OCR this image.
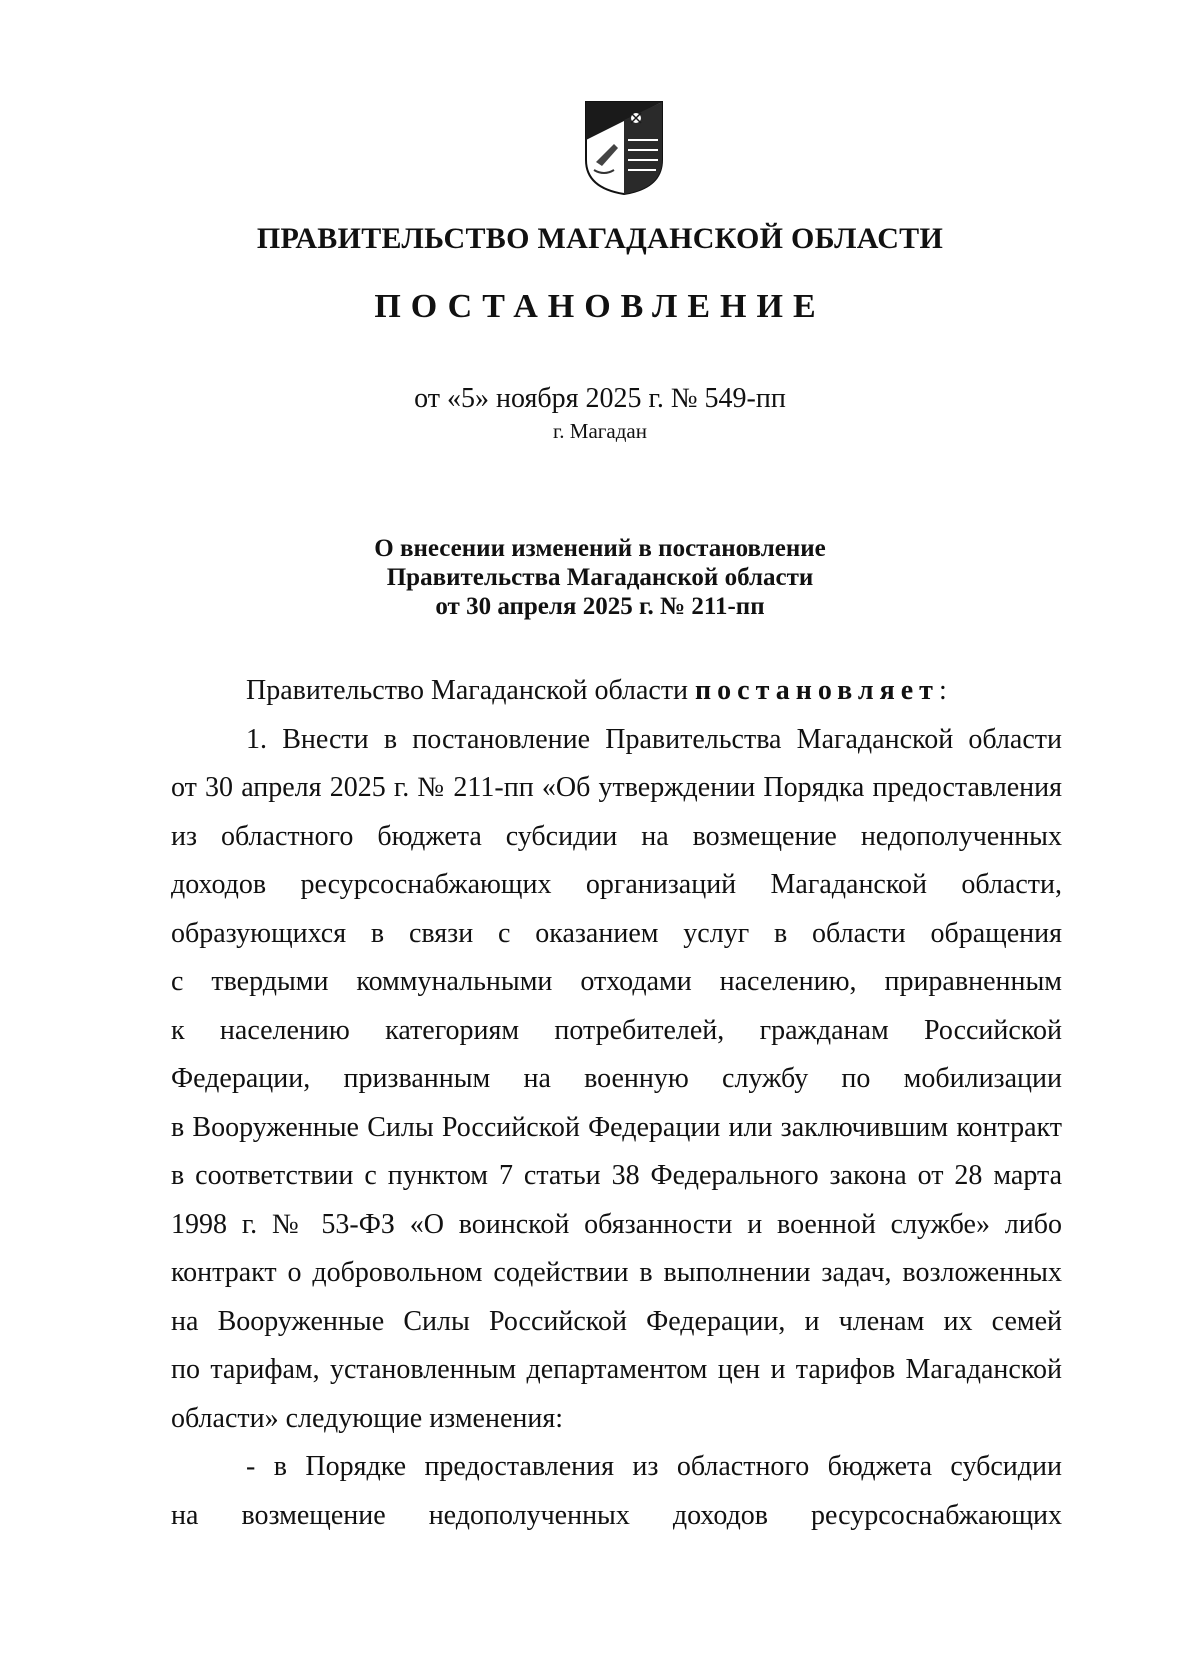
ПРАВИТЕЛЬСТВО МАГАДАНСКОЙ ОБЛАСТИ
ПОСТАНОВЛЕНИЕ
от «5» ноября 2025 г. № 549-пп
г. Магадан
О внесении изменений в постановление
Правительства Магаданской области
от 30 апреля 2025 г. № 211-пп
Правительство Магаданской области постановляет:
1. Внести в постановление Правительства Магаданской области
от 30 апреля 2025 г. № 211-пп «Об утверждении Порядка предоставления
из областного бюджета субсидии на возмещение недополученных
доходов ресурсоснабжающих организаций Магаданской области,
образующихся в связи с оказанием услуг в области обращения
с твердыми коммунальными отходами населению, приравненным
к населению категориям потребителей, гражданам Российской
Федерации, призванным на военную службу по мобилизации
в Вооруженные Силы Российской Федерации или заключившим контракт
в соответствии с пунктом 7 статьи 38 Федерального закона от 28 марта
1998 г. № 53-ФЗ «О воинской обязанности и военной службе» либо
контракт о добровольном содействии в выполнении задач, возложенных
на Вооруженные Силы Российской Федерации, и членам их семей
по тарифам, установленным департаментом цен и тарифов Магаданской
области» следующие изменения:
- в Порядке предоставления из областного бюджета субсидии
на возмещение недополученных доходов ресурсоснабжающих
